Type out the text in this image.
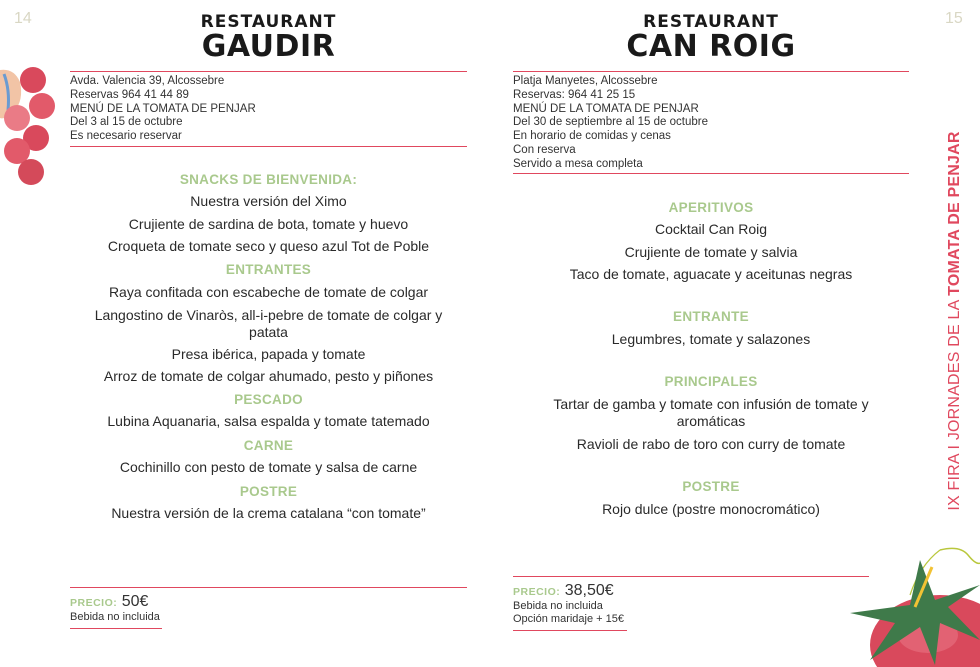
14	RESTAURANT
GAUDIR
Avda. Valencia 39, Alcossebre
Reservas 964 41 44 89
MENÚ DE LA TOMATA DE PENJAR
Del 3 al 15 de octubre
Es necesario reservar
SNACKS DE BIENVENIDA:
Nuestra versión del Ximo
Crujiente de sardina de bota, tomate y huevo
Croqueta de tomate seco y queso azul Tot de Poble
ENTRANTES
Raya confitada con escabeche de tomate de colgar
Langostino de Vinaròs, all-i-pebre de tomate de colgar y patata
Presa ibérica, papada y tomate
Arroz de tomate de colgar ahumado, pesto y piñones
PESCADO
Lubina Aquanaria, salsa espalda y tomate tatemado
CARNE
Cochinillo con pesto de tomate y salsa de carne
POSTRE
Nuestra versión de la crema catalana “con tomate”
PRECIO: 50€
Bebida no incluida
15
RESTAURANT
CAN ROIG
Platja Manyetes, Alcossebre
Reservas: 964 41 25 15
MENÚ DE LA TOMATA DE PENJAR
Del 30 de septiembre al 15 de octubre
En horario de comidas y cenas
Con reserva
Servido a mesa completa
APERITIVOS
Cocktail Can Roig
Crujiente de tomate y salvia
Taco de tomate, aguacate y aceitunas negras
ENTRANTE
Legumbres, tomate y salazones
PRINCIPALES
Tartar de gamba y tomate con infusión de tomate y aromáticas
Ravioli de rabo de toro con curry de tomate
POSTRE
Rojo dulce (postre monocromático)
PRECIO: 38,50€
Bebida no incluida
Opción maridaje + 15€
IX FIRA I JORNADES DE LA TOMATA DE PENJAR
